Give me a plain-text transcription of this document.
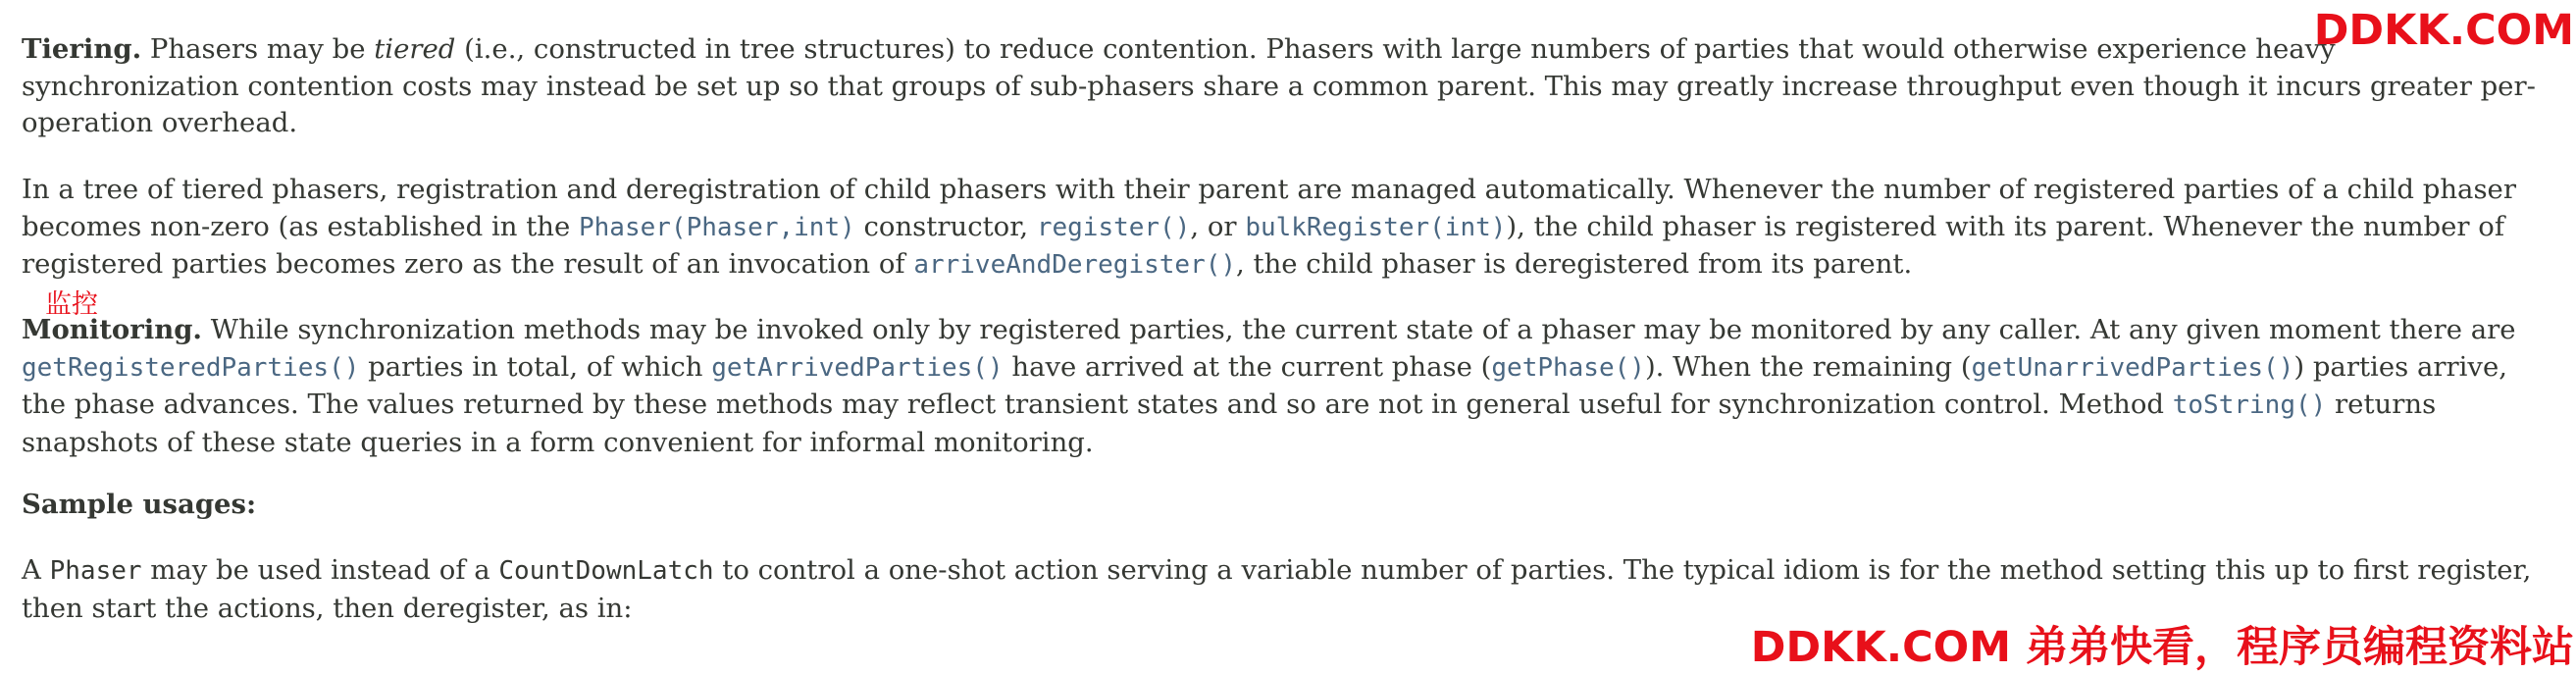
Tiering. Phasers may be tiered (i.e., constructed in tree structures) to reduce contention. Phasers with large numbers of parties that would otherwise experience heavy synchronization contention costs may instead be set up so that groups of sub-phasers share a common parent. This may greatly increase throughput even though it incurs greater per-operation overhead.

In a tree of tiered phasers, registration and deregistration of child phasers with their parent are managed automatically. Whenever the number of registered parties of a child phaser becomes non-zero (as established in the Phaser(Phaser,int) constructor, register(), or bulkRegister(int)), the child phaser is registered with its parent. Whenever the number of registered parties becomes zero as the result of an invocation of arriveAndDeregister(), the child phaser is deregistered from its parent.

Monitoring. While synchronization methods may be invoked only by registered parties, the current state of a phaser may be monitored by any caller. At any given moment there are getRegisteredParties() parties in total, of which getArrivedParties() have arrived at the current phase (getPhase()). When the remaining (getUnarrivedParties()) parties arrive, the phase advances. The values returned by these methods may reflect transient states and so are not in general useful for synchronization control. Method toString() returns snapshots of these state queries in a form convenient for informal monitoring.

Sample usages:

A Phaser may be used instead of a CountDownLatch to control a one-shot action serving a variable number of parties. The typical idiom is for the method setting this up to first register, then start the actions, then deregister, as in:

监控
DDKK.COM
DDKK.COM 弟弟快看，程序员编程资料站
